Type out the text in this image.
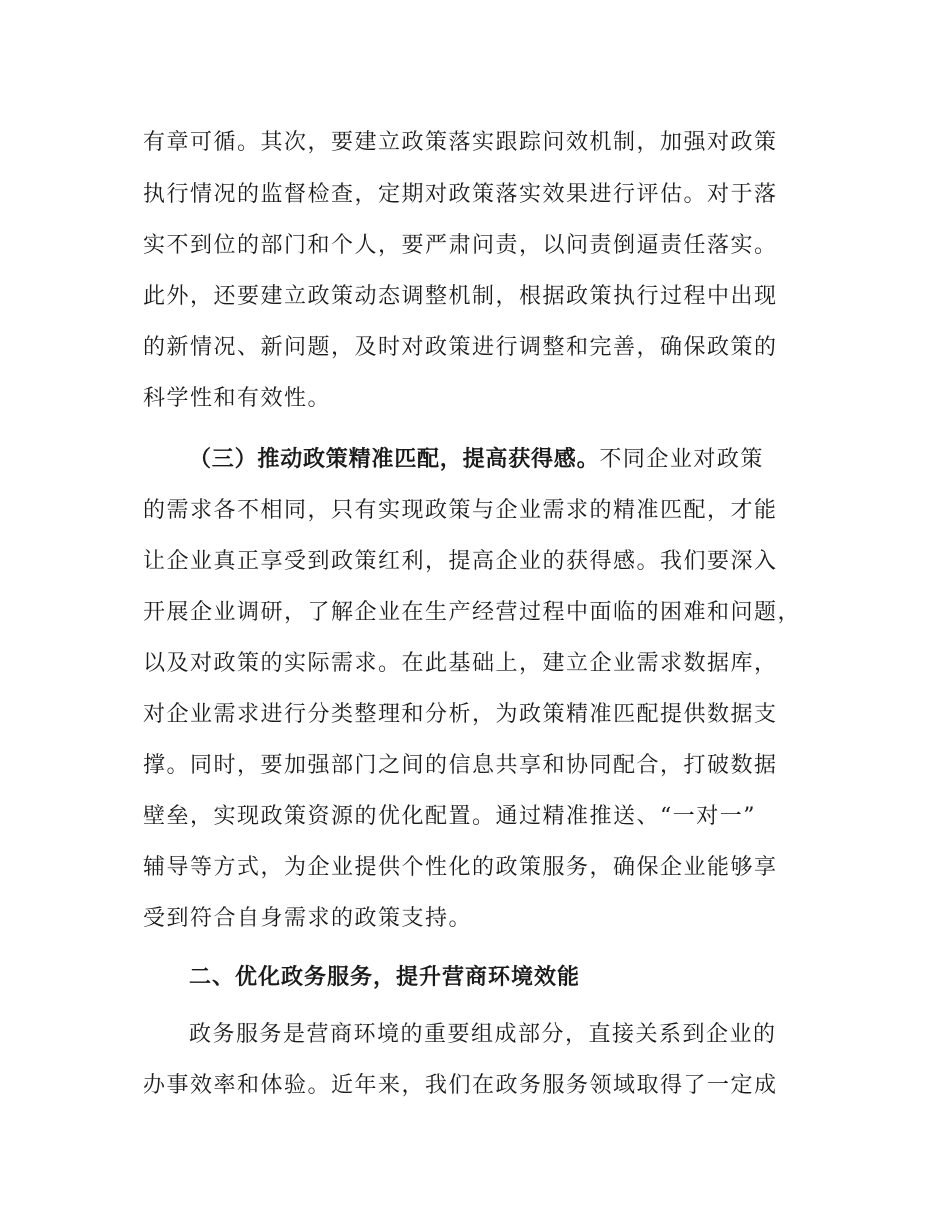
有章可循。其次，要建立政策落实跟踪问效机制，加强对政策
执行情况的监督检查，定期对政策落实效果进行评估。对于落
实不到位的部门和个人，要严肃问责，以问责倒逼责任落实。
此外，还要建立政策动态调整机制，根据政策执行过程中出现
的新情况、新问题，及时对政策进行调整和完善，确保政策的
科学性和有效性。
（三）推动政策精准匹配，提高获得感。不同企业对政策
的需求各不相同，只有实现政策与企业需求的精准匹配，才能
让企业真正享受到政策红利，提高企业的获得感。我们要深入
开展企业调研，了解企业在生产经营过程中面临的困难和问题，
以及对政策的实际需求。在此基础上，建立企业需求数据库，
对企业需求进行分类整理和分析，为政策精准匹配提供数据支
撑。同时，要加强部门之间的信息共享和协同配合，打破数据
壁垒，实现政策资源的优化配置。通过精准推送、“一对一”
辅导等方式，为企业提供个性化的政策服务，确保企业能够享
受到符合自身需求的政策支持。
二、优化政务服务，提升营商环境效能
政务服务是营商环境的重要组成部分，直接关系到企业的
办事效率和体验。近年来，我们在政务服务领域取得了一定成
